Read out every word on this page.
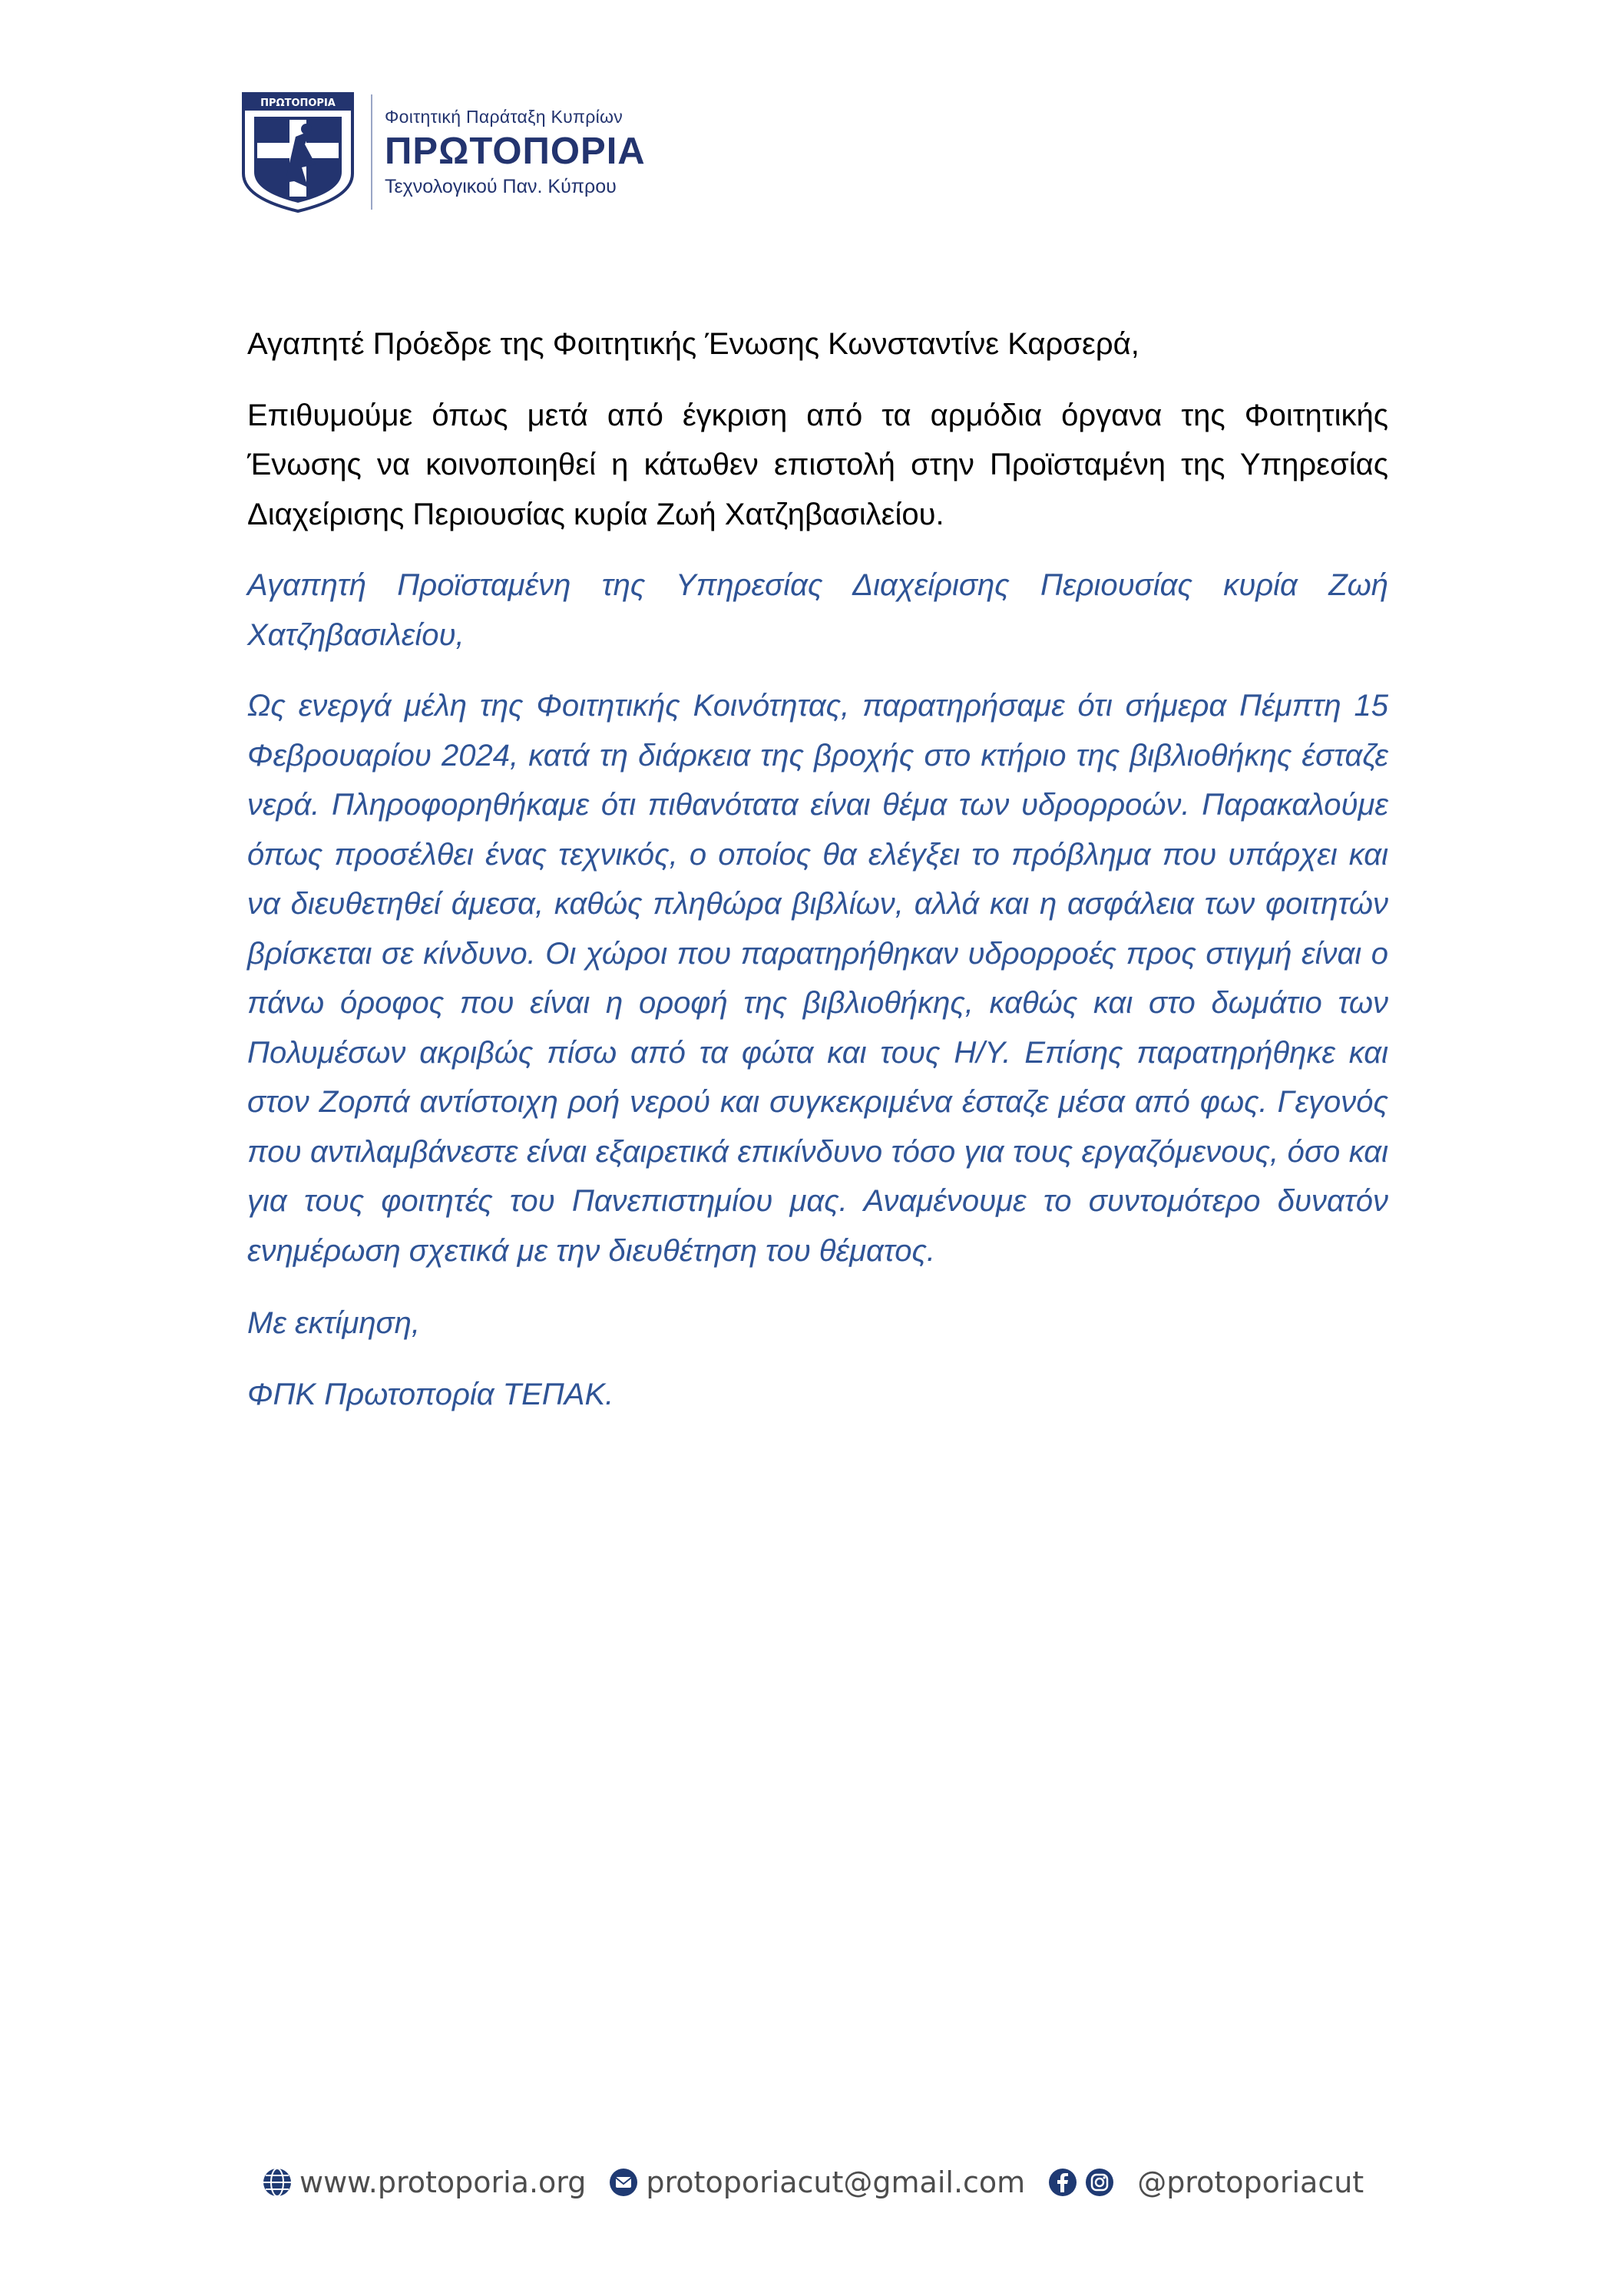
ΠΡΩΤΟΠΟΡΙΑ
Φοιτητική Παράταξη Κυπρίων
ΠΡΩΤΟΠΟΡΙΑ
Τεχνολογικού Παν. Κύπρου

Αγαπητέ Πρόεδρε της Φοιτητικής Ένωσης Κωνσταντίνε Καρσερά,

Επιθυμούμε όπως μετά από έγκριση από τα αρμόδια όργανα της Φοιτητικής Ένωσης να κοινοποιηθεί η κάτωθεν επιστολή στην Προϊσταμένη της Υπηρεσίας Διαχείρισης Περιουσίας κυρία Ζωή Χατζηβασιλείου.

Αγαπητή Προϊσταμένη της Υπηρεσίας Διαχείρισης Περιουσίας κυρία Ζωή Χατζηβασιλείου,

Ως ενεργά μέλη της Φοιτητικής Κοινότητας, παρατηρήσαμε ότι σήμερα Πέμπτη 15 Φεβρουαρίου 2024, κατά τη διάρκεια της βροχής στο κτήριο της βιβλιοθήκης έσταζε νερά. Πληροφορηθήκαμε ότι πιθανότατα είναι θέμα των υδρορροών. Παρακαλούμε όπως προσέλθει ένας τεχνικός, ο οποίος θα ελέγξει το πρόβλημα που υπάρχει και να διευθετηθεί άμεσα, καθώς πληθώρα βιβλίων, αλλά και η ασφάλεια των φοιτητών βρίσκεται σε κίνδυνο. Οι χώροι που παρατηρήθηκαν υδρορροές προς στιγμή είναι ο πάνω όροφος που είναι η οροφή της βιβλιοθήκης, καθώς και στο δωμάτιο των Πολυμέσων ακριβώς πίσω από τα φώτα και τους Η/Υ. Επίσης παρατηρήθηκε και στον Ζορπά αντίστοιχη ροή νερού και συγκεκριμένα έσταζε μέσα από φως. Γεγονός που αντιλαμβάνεστε είναι εξαιρετικά επικίνδυνο τόσο για τους εργαζόμενους, όσο και για τους φοιτητές του Πανεπιστημίου μας. Αναμένουμε το συντομότερο δυνατόν ενημέρωση σχετικά με την διευθέτηση του θέματος.

Με εκτίμηση,

ΦΠΚ Πρωτοπορία ΤΕΠΑΚ.

www.protoporia.org protoporiacut@gmail.com	@protoporiacut
